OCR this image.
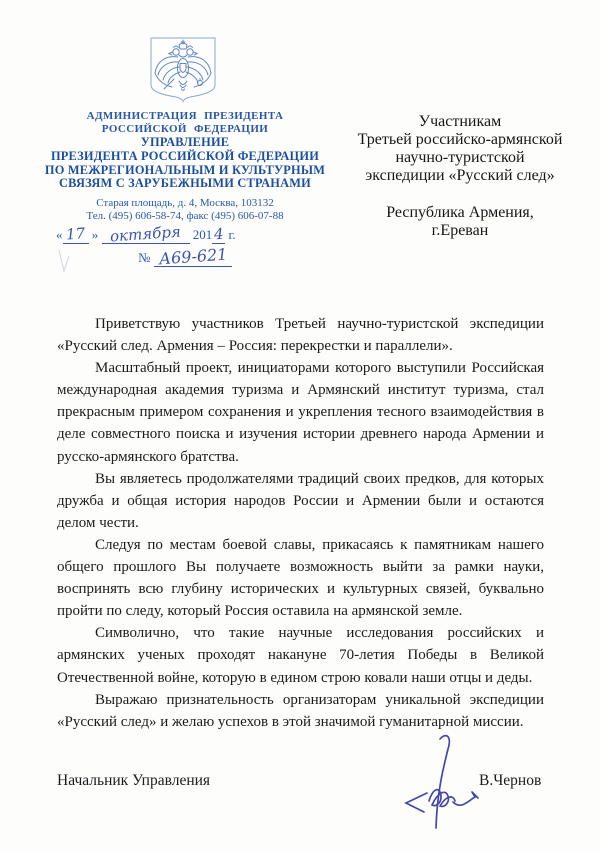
АДМИНИСТРАЦИЯ ПРЕЗИДЕНТА
РОССИЙСКОЙ ФЕДЕРАЦИИ
УПРАВЛЕНИЕ
ПРЕЗИДЕНТА РОССИЙСКОЙ ФЕДЕРАЦИИ
ПО МЕЖРЕГИОНАЛЬНЫМ И КУЛЬТУРНЫМ
СВЯЗЯМ С ЗАРУБЕЖНЫМИ СТРАНАМИ
Старая площадь, д. 4, Москва, 103132
Тел. (495) 606-58-74, факс (495) 606-07-88
« 17 » октября 2014 г.
№ А69-621
Участникам
Третьей российско-армянской
научно-туристской
экспедиции «Русский след»
Республика Армения,
г.Ереван

Приветствую участников Третьей научно-туристской экспедиции «Русский след. Армения – Россия: перекрестки и параллели».

Масштабный проект, инициаторами которого выступили Российская международная академия туризма и Армянский институт туризма, стал прекрасным примером сохранения и укрепления тесного взаимодействия в деле совместного поиска и изучения истории древнего народа Армении и русско-армянского братства.

Вы являетесь продолжателями традиций своих предков, для которых дружба и общая история народов России и Армении были и остаются делом чести.

Следуя по местам боевой славы, прикасаясь к памятникам нашего общего прошлого Вы получаете возможность выйти за рамки науки, воспринять всю глубину исторических и культурных связей, буквально пройти по следу, который Россия оставила на армянской земле.

Символично, что такие научные исследования российских и армянских ученых проходят накануне 70-летия Победы в Великой Отечественной войне, которую в едином строю ковали наши отцы и деды.

Выражаю признательность организаторам уникальной экспедиции «Русский след» и желаю успехов в этой значимой гуманитарной миссии.

Начальник Управления	В.Чернов
